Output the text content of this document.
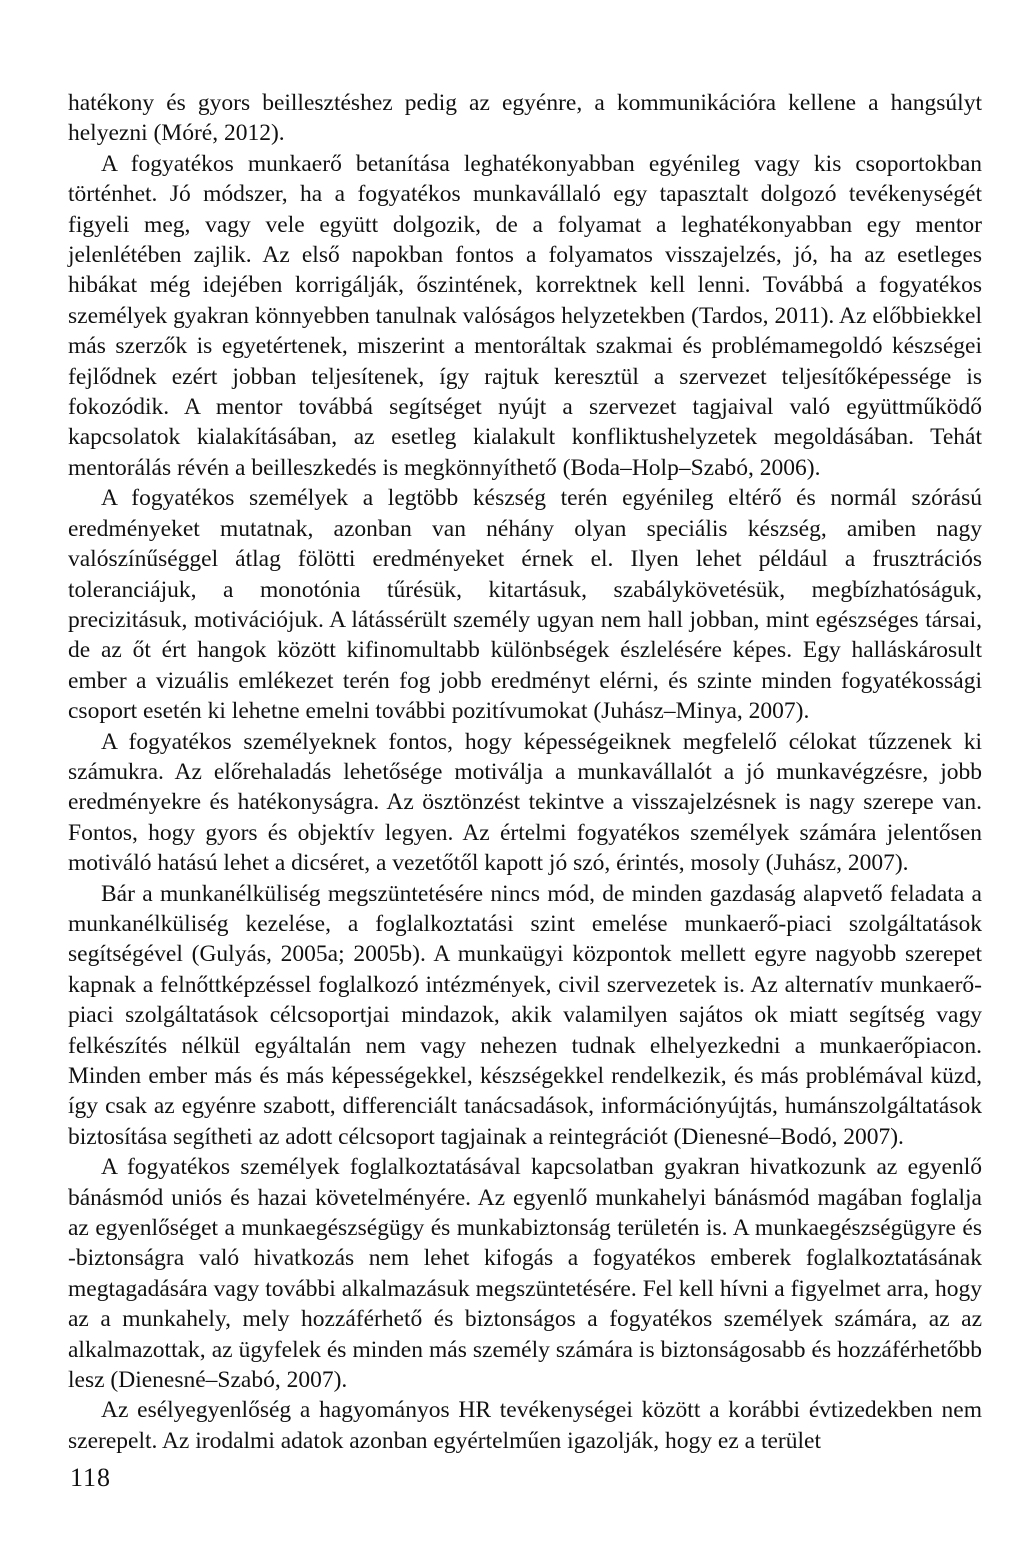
hatékony és gyors beillesztéshez pedig az egyénre, a kommunikációra kellene a hangsúlyt helyezni (Móré, 2012).

A fogyatékos munkaerő betanítása leghatékonyabban egyénileg vagy kis csoportokban történhet. Jó módszer, ha a fogyatékos munkavállaló egy tapasztalt dolgozó tevékenységét figyeli meg, vagy vele együtt dolgozik, de a folyamat a leghatékonyabban egy mentor jelenlétében zajlik. Az első napokban fontos a folyamatos visszajelzés, jó, ha az esetleges hibákat még idejében korrigálják, őszintének, korrektnek kell lenni. Továbbá a fogyatékos személyek gyakran könnyebben tanulnak valóságos helyzetekben (Tardos, 2011). Az előbbiekkel más szerzők is egyetértenek, miszerint a mentoráltak szakmai és problémamegoldó készségei fejlődnek ezért jobban teljesítenek, így rajtuk keresztül a szervezet teljesítőképessége is fokozódik. A mentor továbbá segítséget nyújt a szervezet tagjaival való együttműködő kapcsolatok kialakításában, az esetleg kialakult konfliktushelyzetek megoldásában. Tehát mentorálás révén a beilleszkedés is megkönnyíthető (Boda–Holp–Szabó, 2006).

A fogyatékos személyek a legtöbb készség terén egyénileg eltérő és normál szórású eredményeket mutatnak, azonban van néhány olyan speciális készség, amiben nagy valószínűséggel átlag fölötti eredményeket érnek el. Ilyen lehet például a frusztrációs toleranciájuk, a monotónia tűrésük, kitartásuk, szabálykövetésük, megbízhatóságuk, precizitásuk, motivációjuk. A látássérült személy ugyan nem hall jobban, mint egészséges társai, de az őt ért hangok között kifinomultabb különbségek észlelésére képes. Egy halláskárosult ember a vizuális emlékezet terén fog jobb eredményt elérni, és szinte minden fogyatékossági csoport esetén ki lehetne emelni további pozitívumokat (Juhász–Minya, 2007).

A fogyatékos személyeknek fontos, hogy képességeiknek megfelelő célokat tűzzenek ki számukra. Az előrehaladás lehetősége motiválja a munkavállalót a jó munkavégzésre, jobb eredményekre és hatékonyságra. Az ösztönzést tekintve a visszajelzésnek is nagy szerepe van. Fontos, hogy gyors és objektív legyen. Az értelmi fogyatékos személyek számára jelentősen motiváló hatású lehet a dicséret, a vezetőtől kapott jó szó, érintés, mosoly (Juhász, 2007).

Bár a munkanélküliség megszüntetésére nincs mód, de minden gazdaság alapvető feladata a munkanélküliség kezelése, a foglalkoztatási szint emelése munkaerő-piaci szolgáltatások segítségével (Gulyás, 2005a; 2005b). A munkaügyi központok mellett egyre nagyobb szerepet kapnak a felnőttképzéssel foglalkozó intézmények, civil szervezetek is. Az alternatív munkaerő-piaci szolgáltatások célcsoportjai mindazok, akik valamilyen sajátos ok miatt segítség vagy felkészítés nélkül egyáltalán nem vagy nehezen tudnak elhelyezkedni a munkaerőpiacon. Minden ember más és más képességekkel, készségekkel rendelkezik, és más problémával küzd, így csak az egyénre szabott, differenciált tanácsadások, információnyújtás, humánszolgáltatások biztosítása segítheti az adott célcsoport tagjainak a reintegrációt (Dienesné–Bodó, 2007).

A fogyatékos személyek foglalkoztatásával kapcsolatban gyakran hivatkozunk az egyenlő bánásmód uniós és hazai követelményére. Az egyenlő munkahelyi bánásmód magában foglalja az egyenlőséget a munkaegészségügy és munkabiztonság területén is. A munkaegészségügyre és -biztonságra való hivatkozás nem lehet kifogás a fogyatékos emberek foglalkoztatásának megtagadására vagy további alkalmazásuk megszüntetésére. Fel kell hívni a figyelmet arra, hogy az a munkahely, mely hozzáférhető és biztonságos a fogyatékos személyek számára, az az alkalmazottak, az ügyfelek és minden más személy számára is biztonságosabb és hozzáférhetőbb lesz (Dienesné–Szabó, 2007).

Az esélyegyenlőség a hagyományos HR tevékenységei között a korábbi évtizedekben nem szerepelt. Az irodalmi adatok azonban egyértelműen igazolják, hogy ez a terület

118
